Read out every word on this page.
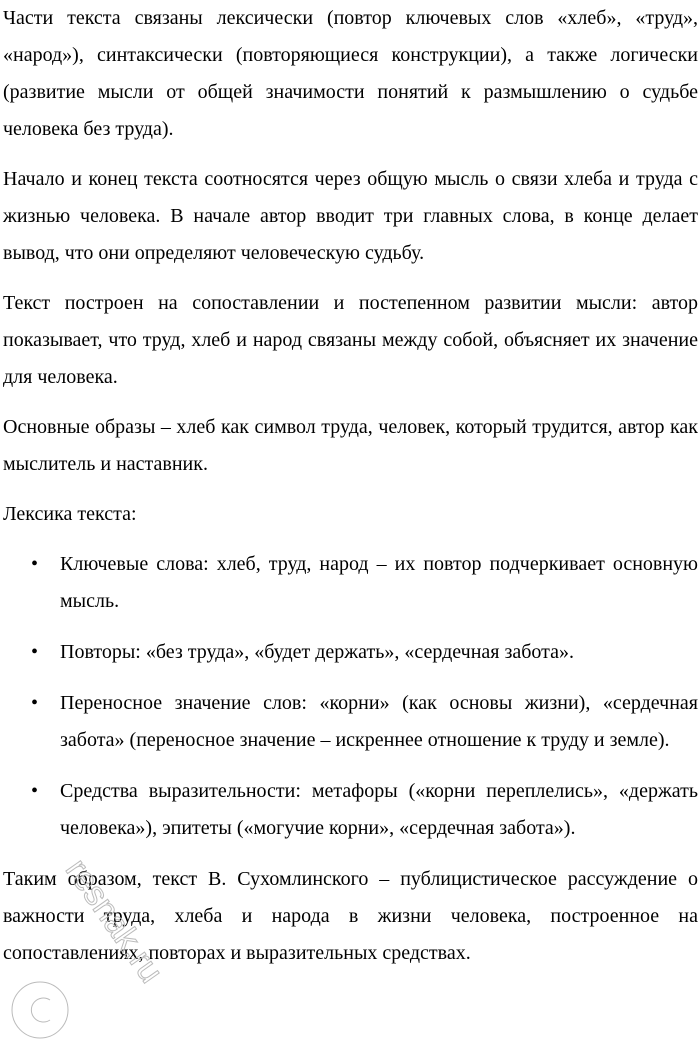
Части текста связаны лексически (повтор ключевых слов «хлеб», «труд», «народ»), синтаксически (повторяющиеся конструкции), а также логически (развитие мысли от общей значимости понятий к размышлению о судьбе человека без труда).

Начало и конец текста соотносятся через общую мысль о связи хлеба и труда с жизнью человека. В начале автор вводит три главных слова, в конце делает вывод, что они определяют человеческую судьбу.

Текст построен на сопоставлении и постепенном развитии мысли: автор показывает, что труд, хлеб и народ связаны между собой, объясняет их значение для человека.

Основные образы – хлеб как символ труда, человек, который трудится, автор как мыслитель и наставник.

Лексика текста:

• Ключевые слова: хлеб, труд, народ – их повтор подчеркивает основную мысль.
• Повторы: «без труда», «будет держать», «сердечная забота».
• Переносное значение слов: «корни» (как основы жизни), «сердечная забота» (переносное значение – искреннее отношение к труду и земле).
• Средства выразительности: метафоры («корни переплелись», «держать человека»), эпитеты («могучие корни», «сердечная забота»).

Таким образом, текст В. Сухомлинского – публицистическое рассуждение о важности труда, хлеба и народа в жизни человека, построенное на сопоставлениях, повторах и выразительных средствах.

resnak.ru
